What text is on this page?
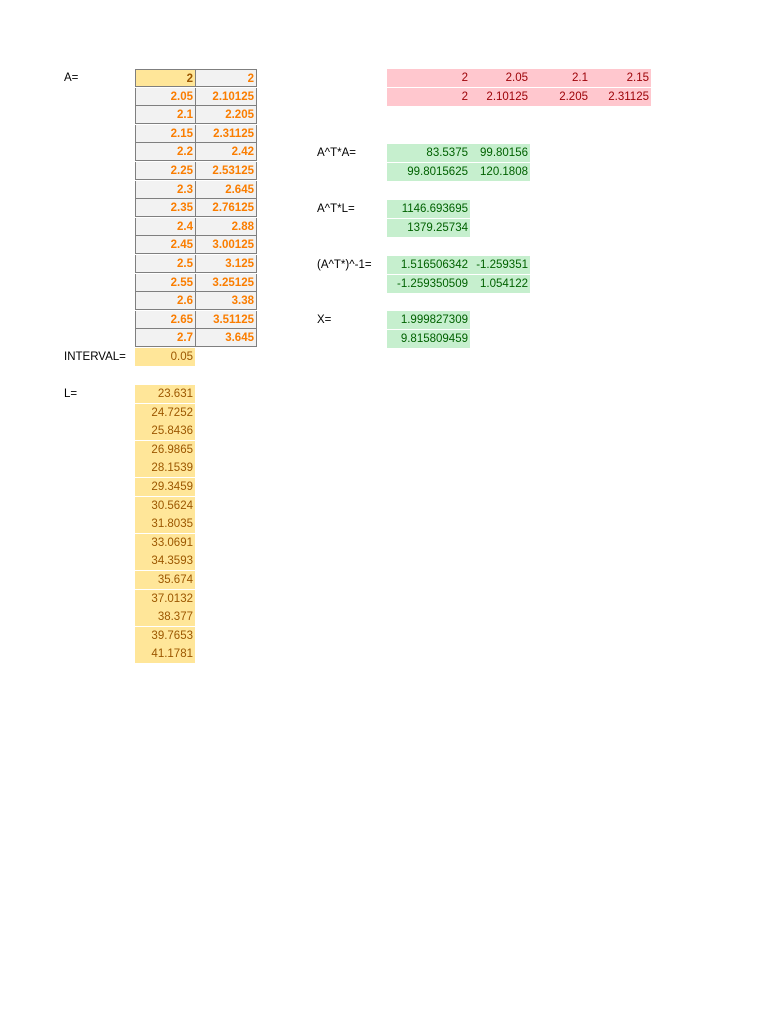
A=
INTERVAL=
L=
A^T*A=
A^T*L=
(A^T*)^-1=
X=
2	2
2.05	2.10125
2.1	2.205
2.15	2.31125
2.2	2.42
2.25	2.53125
2.3	2.645
2.35	2.76125
2.4	2.88
2.45	3.00125
2.5	3.125
2.55	3.25125
2.6	3.38
2.65	3.51125
2.7	3.645
0.05
23.631
24.7252
25.8436
26.9865
28.1539
29.3459
30.5624
31.8035
33.0691
34.3593
35.674
37.0132
38.377
39.7653
41.1781
2	2.05	2.1	2.15
2	2.10125	2.205	2.31125
83.5375	99.80156
99.8015625	120.1808
1146.693695
1379.25734
1.516506342 -1.259351
-1.259350509	1.054122
1.999827309
9.815809459
